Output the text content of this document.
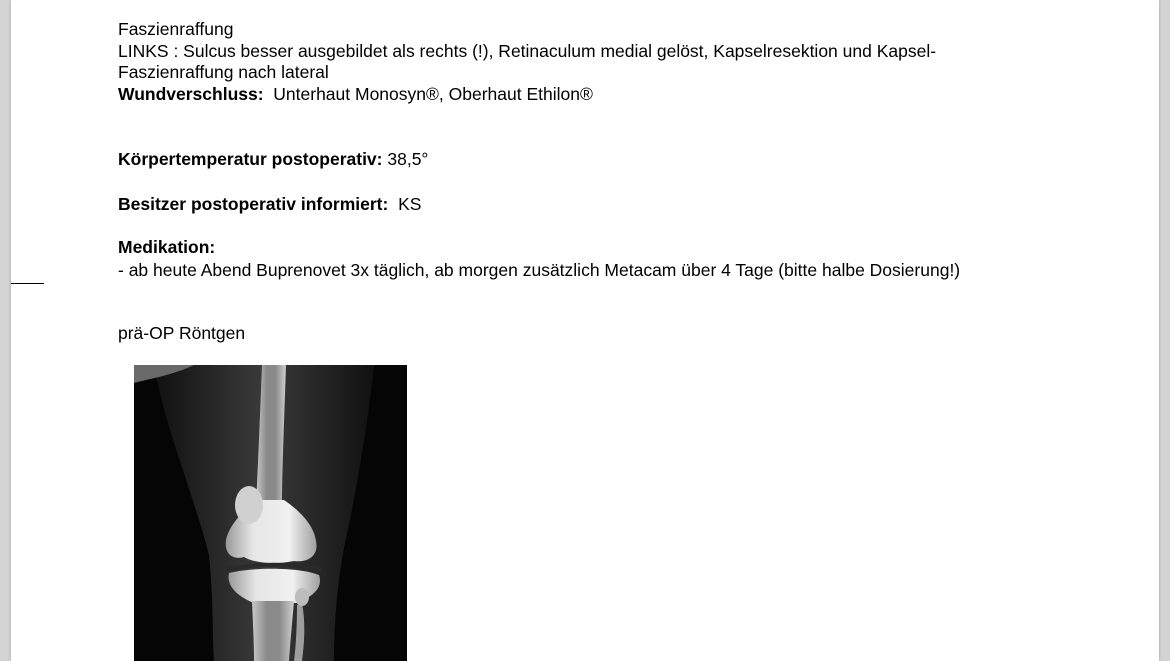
Faszienraffung
LINKS : Sulcus besser ausgebildet als rechts (!), Retinaculum medial gelöst, Kapselresektion und Kapsel-
Faszienraffung nach lateral
Wundverschluss: Unterhaut Monosyn®, Oberhaut Ethilon®
Körpertemperatur postoperativ: 38,5°
Besitzer postoperativ informiert: KS
Medikation:
- ab heute Abend Buprenovet 3x täglich, ab morgen zusätzlich Metacam über 4 Tage (bitte halbe Dosierung!)
prä-OP Röntgen
